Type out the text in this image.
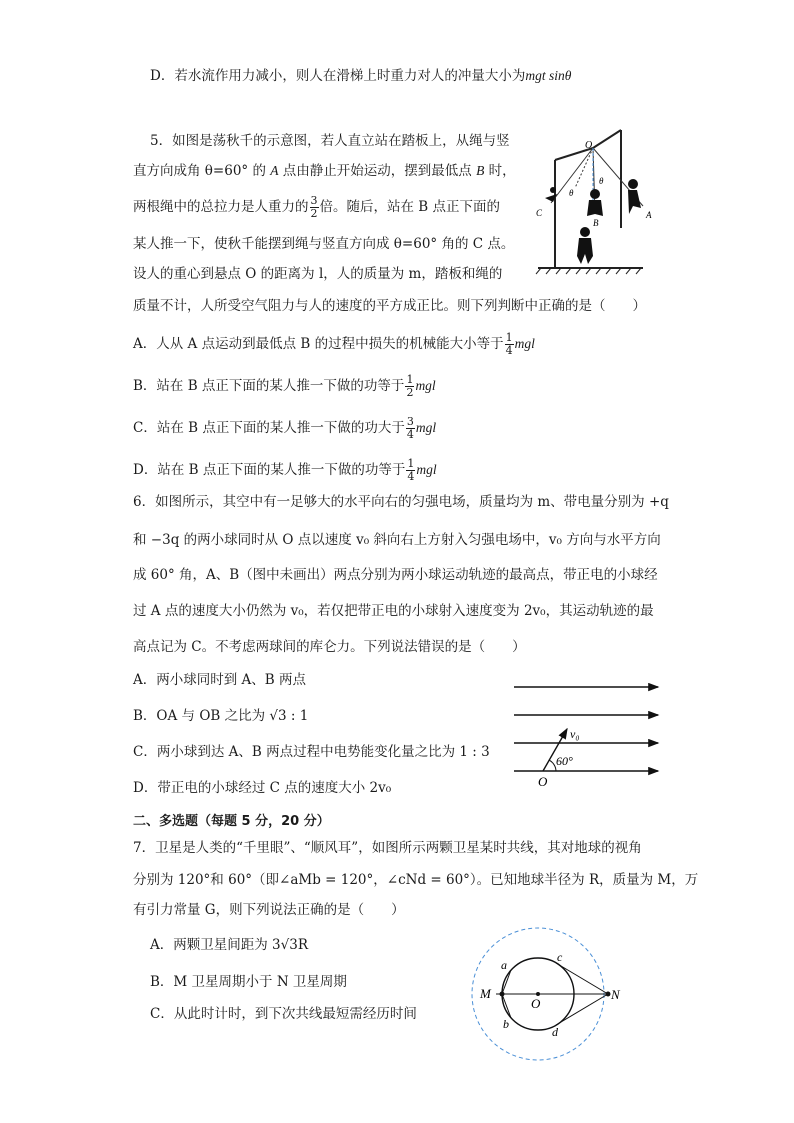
D．若水流作用力减小，则人在滑梯上时重力对人的冲量大小为mgt sinθ
5．如图是荡秋千的示意图，若人直立站在踏板上，从绳与竖
直方向成角 θ=60° 的 A 点由静止开始运动，摆到最低点 B 时，
两根绳中的总拉力是人重力的 $\frac{3}{2}$ 倍。随后，站在 B 点正下面的
某人推一下，使秋千能摆到绳与竖直方向成 θ=60° 角的 C 点。
设人的重心到悬点 O 的距离为 l，人的质量为 m，踏板和绳的
质量不计，人所受空气阻力与人的速度的平方成正比。则下列判断中正确的是（　　）
A．人从 A 点运动到最低点 B 的过程中损失的机械能大小等于 $\frac{1}{4}$ mgl
B．站在 B 点正下面的某人推一下做的功等于 $\frac{1}{2}$ mgl
C．站在 B 点正下面的某人推一下做的功大于 $\frac{3}{4}$ mgl
D．站在 B 点正下面的某人推一下做的功等于 $\frac{1}{4}$ mgl
O
A
B
C
θ
θ
6．如图所示，其空中有一足够大的水平向右的匀强电场，质量均为 m、带电量分别为 +q
和 −3q 的两小球同时从 O 点以速度 v₀ 斜向右上方射入匀强电场中，v₀ 方向与水平方向
成 60° 角，A、B（图中未画出）两点分别为两小球运动轨迹的最高点，带正电的小球经
过 A 点的速度大小仍然为 v₀，若仅把带正电的小球射入速度变为 2v₀，其运动轨迹的最
高点记为 C。不考虑两球间的库仑力。下列说法错误的是（　　）
A．两小球同时到 A、B 两点
B．OA 与 OB 之比为 √3 : 1
C．两小球到达 A、B 两点过程中电势能变化量之比为 1 : 3
D．带正电的小球经过 C 点的速度大小 2v₀
v₀
60°
O
二、多选题（每题 5 分，20 分）
7．卫星是人类的“千里眼”、“顺风耳”，如图所示两颗卫星某时共线，其对地球的视角
分别为 120°和 60°（即∠aMb = 120°，∠cNd = 60°）。已知地球半径为 R，质量为 M，万
有引力常量 G，则下列说法正确的是（　　）
A．两颗卫星间距为 3√3R
B．M 卫星周期小于 N 卫星周期
C．从此时计时，到下次共线最短需经历时间
M	N
O
a
b
c
d
